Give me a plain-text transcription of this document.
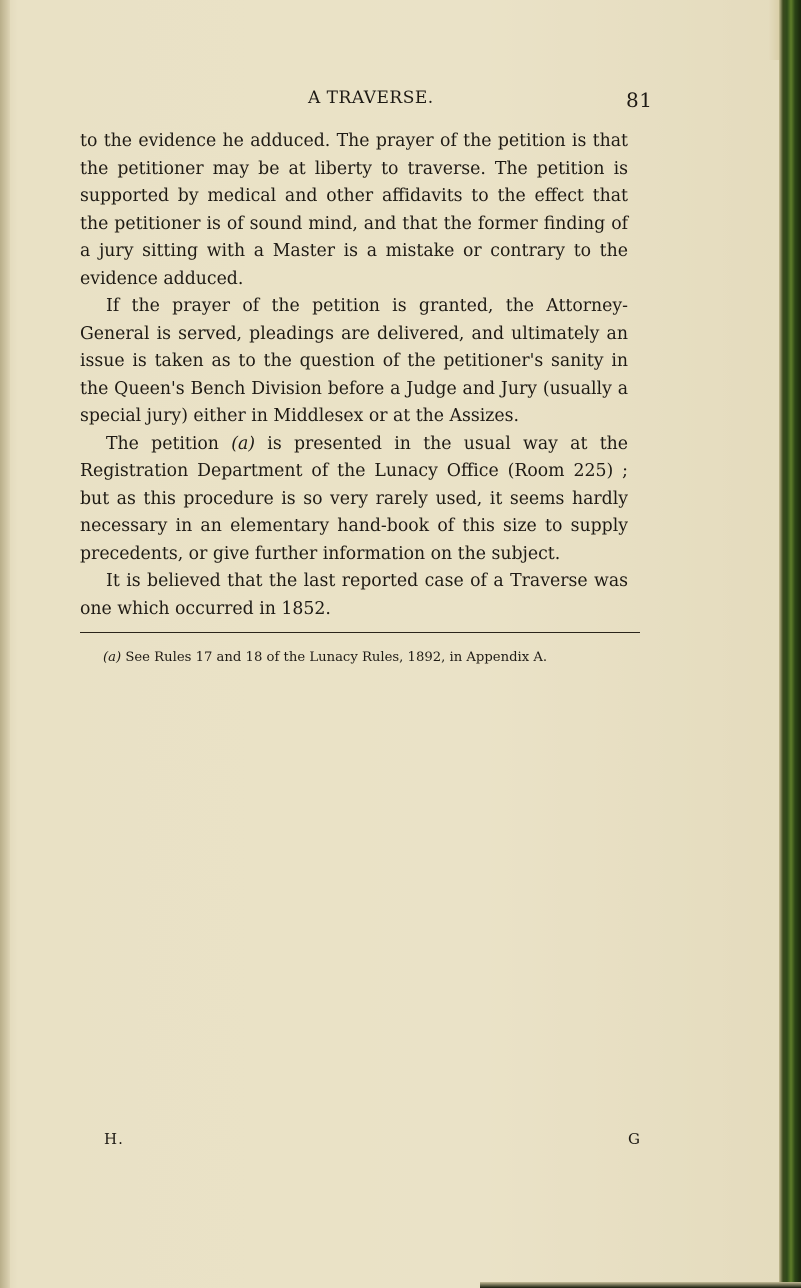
A TRAVERSE.	81

to the evidence he adduced. The prayer of the petition is that the petitioner may be at liberty to traverse. The petition is supported by medical and other affidavits to the effect that the petitioner is of sound mind, and that the former finding of a jury sitting with a Master is a mistake or contrary to the evidence adduced.

If the prayer of the petition is granted, the Attorney-General is served, pleadings are delivered, and ultimately an issue is taken as to the question of the petitioner's sanity in the Queen's Bench Division before a Judge and Jury (usually a special jury) either in Middlesex or at the Assizes.

The petition (a) is presented in the usual way at the Registration Department of the Lunacy Office (Room 225) ; but as this procedure is so very rarely used, it seems hardly necessary in an elementary hand-book of this size to supply precedents, or give further information on the subject.

It is believed that the last reported case of a Traverse was one which occurred in 1852.

(a) See Rules 17 and 18 of the Lunacy Rules, 1892, in Appendix A.
H.	G
